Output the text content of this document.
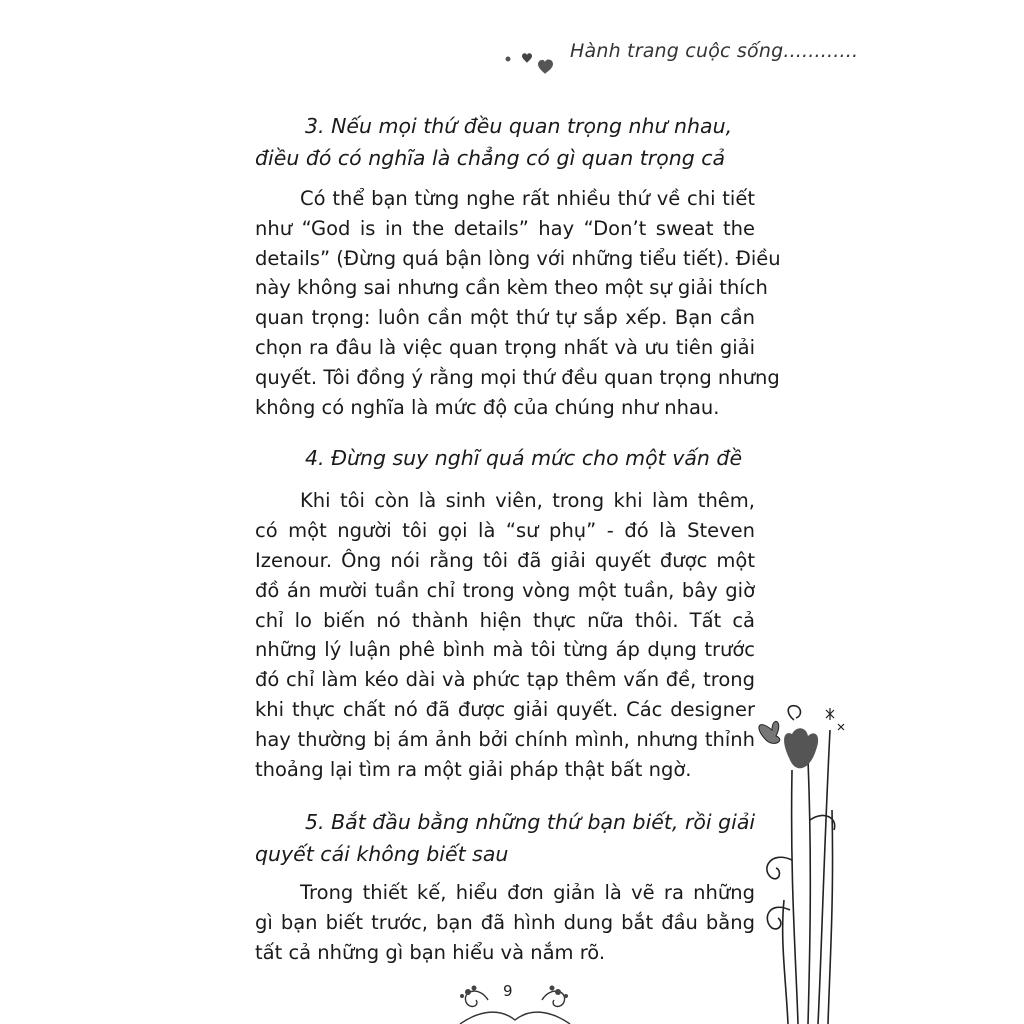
Hành trang cuộc sống............
3. Nếu mọi thứ đều quan trọng như nhau,
điều đó có nghĩa là chẳng có gì quan trọng cả
Có thể bạn từng nghe rất nhiều thứ về chi tiết
như “God is in the details” hay “Don’t sweat the
details” (Đừng quá bận lòng với những tiểu tiết). Điều
này không sai nhưng cần kèm theo một sự giải thích
quan trọng: luôn cần một thứ tự sắp xếp. Bạn cần
chọn ra đâu là việc quan trọng nhất và ưu tiên giải
quyết. Tôi đồng ý rằng mọi thứ đều quan trọng nhưng
không có nghĩa là mức độ của chúng như nhau.
4. Đừng suy nghĩ quá mức cho một vấn đề
Khi tôi còn là sinh viên, trong khi làm thêm,
có một người tôi gọi là “sư phụ” - đó là Steven
Izenour. Ông nói rằng tôi đã giải quyết được một
đồ án mười tuần chỉ trong vòng một tuần, bây giờ
chỉ lo biến nó thành hiện thực nữa thôi. Tất cả
những lý luận phê bình mà tôi từng áp dụng trước
đó chỉ làm kéo dài và phức tạp thêm vấn đề, trong
khi thực chất nó đã được giải quyết. Các designer
hay thường bị ám ảnh bởi chính mình, nhưng thỉnh
thoảng lại tìm ra một giải pháp thật bất ngờ.
5. Bắt đầu bằng những thứ bạn biết, rồi giải
quyết cái không biết sau
Trong thiết kế, hiểu đơn giản là vẽ ra những
gì bạn biết trước, bạn đã hình dung bắt đầu bằng
tất cả những gì bạn hiểu và nắm rõ.
9
